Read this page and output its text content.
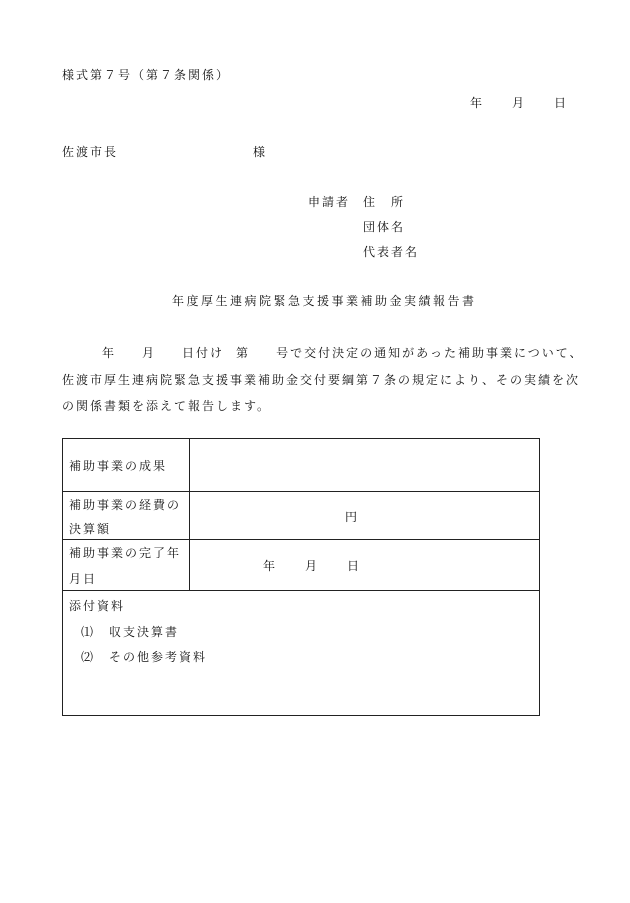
様式第７号（第７条関係）
年 月 日
佐渡市長	様
申請者 住　所
団体名
代表者名
年度厚生連病院緊急支援事業補助金実績報告書
年 月 日付け 第 号で交付決定の通知があった補助事業について、
佐渡市厚生連病院緊急支援事業補助金交付要綱第７条の規定により、その実績を次
の関係書類を添えて報告します。
補助事業の成果
補助事業の経費の
決算額
円
補助事業の完了年
月日
年 月 日
添付資料
⑴ 収支決算書
⑵ その他参考資料
